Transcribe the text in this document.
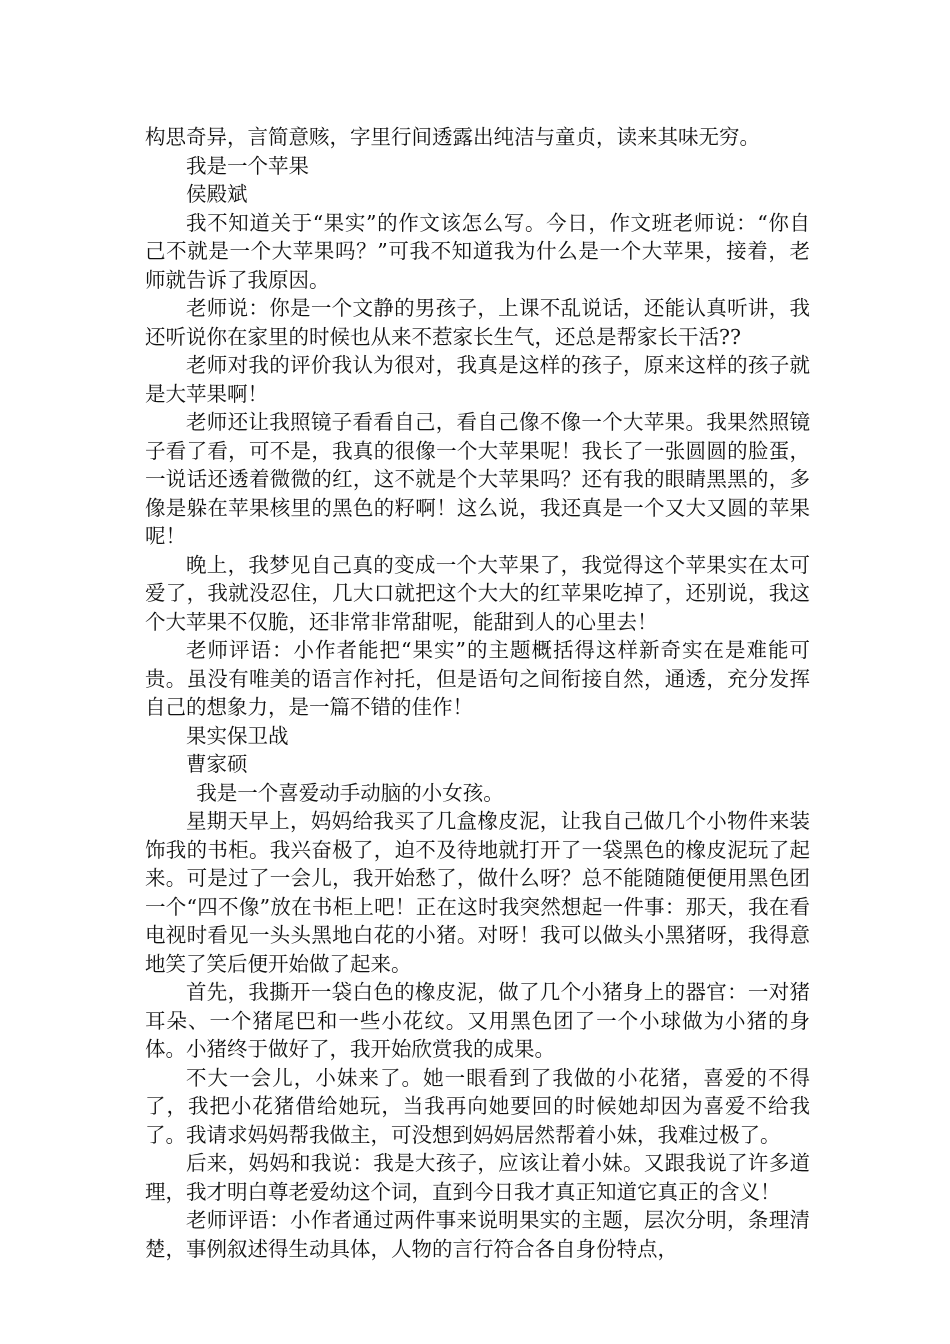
构思奇异，言简意赅，字里行间透露出纯洁与童贞，读来其味无穷。

我是一个苹果

侯殿斌

我不知道关于“果实”的作文该怎么写。今日，作文班老师说：“你自己不就是一个大苹果吗？”可我不知道我为什么是一个大苹果，接着，老师就告诉了我原因。

老师说：你是一个文静的男孩子，上课不乱说话，还能认真听讲，我还听说你在家里的时候也从来不惹家长生气，还总是帮家长干活??

老师对我的评价我认为很对，我真是这样的孩子，原来这样的孩子就是大苹果啊！

老师还让我照镜子看看自己，看自己像不像一个大苹果。我果然照镜子看了看，可不是，我真的很像一个大苹果呢！我长了一张圆圆的脸蛋，一说话还透着微微的红，这不就是个大苹果吗？还有我的眼睛黑黑的，多像是躲在苹果核里的黑色的籽啊！这么说，我还真是一个又大又圆的苹果呢！

晚上，我梦见自己真的变成一个大苹果了，我觉得这个苹果实在太可爱了，我就没忍住，几大口就把这个大大的红苹果吃掉了，还别说，我这个大苹果不仅脆，还非常非常甜呢，能甜到人的心里去！

老师评语：小作者能把“果实”的主题概括得这样新奇实在是难能可贵。虽没有唯美的语言作衬托，但是语句之间衔接自然，通透，充分发挥自己的想象力，是一篇不错的佳作！

果实保卫战

曹家硕

我是一个喜爱动手动脑的小女孩。

星期天早上，妈妈给我买了几盒橡皮泥，让我自己做几个小物件来装饰我的书柜。我兴奋极了，迫不及待地就打开了一袋黑色的橡皮泥玩了起来。可是过了一会儿，我开始愁了，做什么呀？总不能随随便便用黑色团一个“四不像”放在书柜上吧！正在这时我突然想起一件事：那天，我在看电视时看见一头头黑地白花的小猪。对呀！我可以做头小黑猪呀，我得意地笑了笑后便开始做了起来。

首先，我撕开一袋白色的橡皮泥，做了几个小猪身上的器官：一对猪耳朵、一个猪尾巴和一些小花纹。又用黑色团了一个小球做为小猪的身体。小猪终于做好了，我开始欣赏我的成果。

不大一会儿，小妹来了。她一眼看到了我做的小花猪，喜爱的不得了，我把小花猪借给她玩，当我再向她要回的时候她却因为喜爱不给我了。我请求妈妈帮我做主，可没想到妈妈居然帮着小妹，我难过极了。

后来，妈妈和我说：我是大孩子，应该让着小妹。又跟我说了许多道理，我才明白尊老爱幼这个词，直到今日我才真正知道它真正的含义！

老师评语：小作者通过两件事来说明果实的主题，层次分明，条理清楚，事例叙述得生动具体，人物的言行符合各自身份特点，
